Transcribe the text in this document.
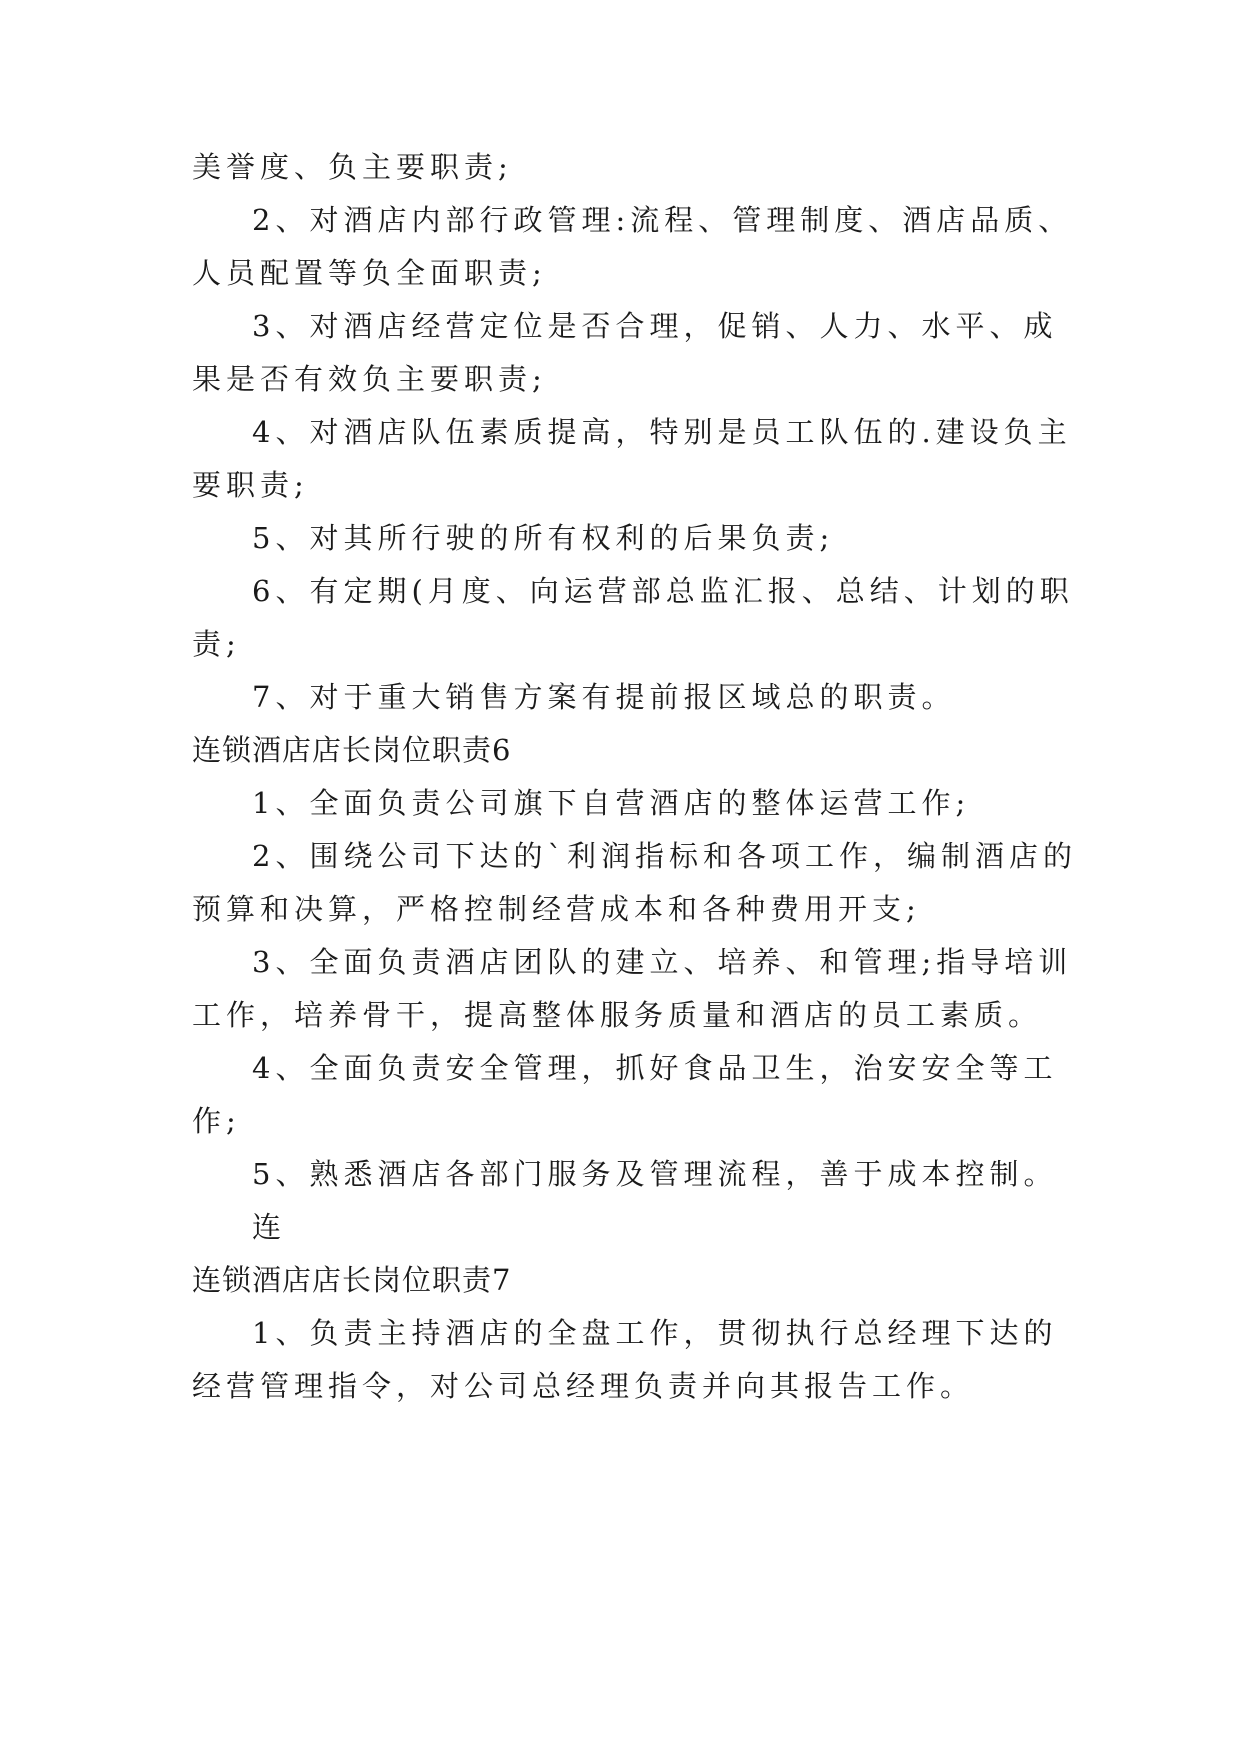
美誉度、负主要职责;
2、对酒店内部行政管理:流程、管理制度、酒店品质、
人员配置等负全面职责;
3、对酒店经营定位是否合理，促销、人力、水平、成
果是否有效负主要职责;
4、对酒店队伍素质提高，特别是员工队伍的.建设负主
要职责;
5、对其所行驶的所有权利的后果负责;
6、有定期(月度、向运营部总监汇报、总结、计划的职
责;
7、对于重大销售方案有提前报区域总的职责。
连锁酒店店长岗位职责6
1、全面负责公司旗下自营酒店的整体运营工作;
2、围绕公司下达的`利润指标和各项工作，编制酒店的
预算和决算，严格控制经营成本和各种费用开支;
3、全面负责酒店团队的建立、培养、和管理;指导培训
工作，培养骨干，提高整体服务质量和酒店的员工素质。
4、全面负责安全管理，抓好食品卫生，治安安全等工
作;
5、熟悉酒店各部门服务及管理流程，善于成本控制。
连
连锁酒店店长岗位职责7
1、负责主持酒店的全盘工作，贯彻执行总经理下达的
经营管理指令，对公司总经理负责并向其报告工作。
